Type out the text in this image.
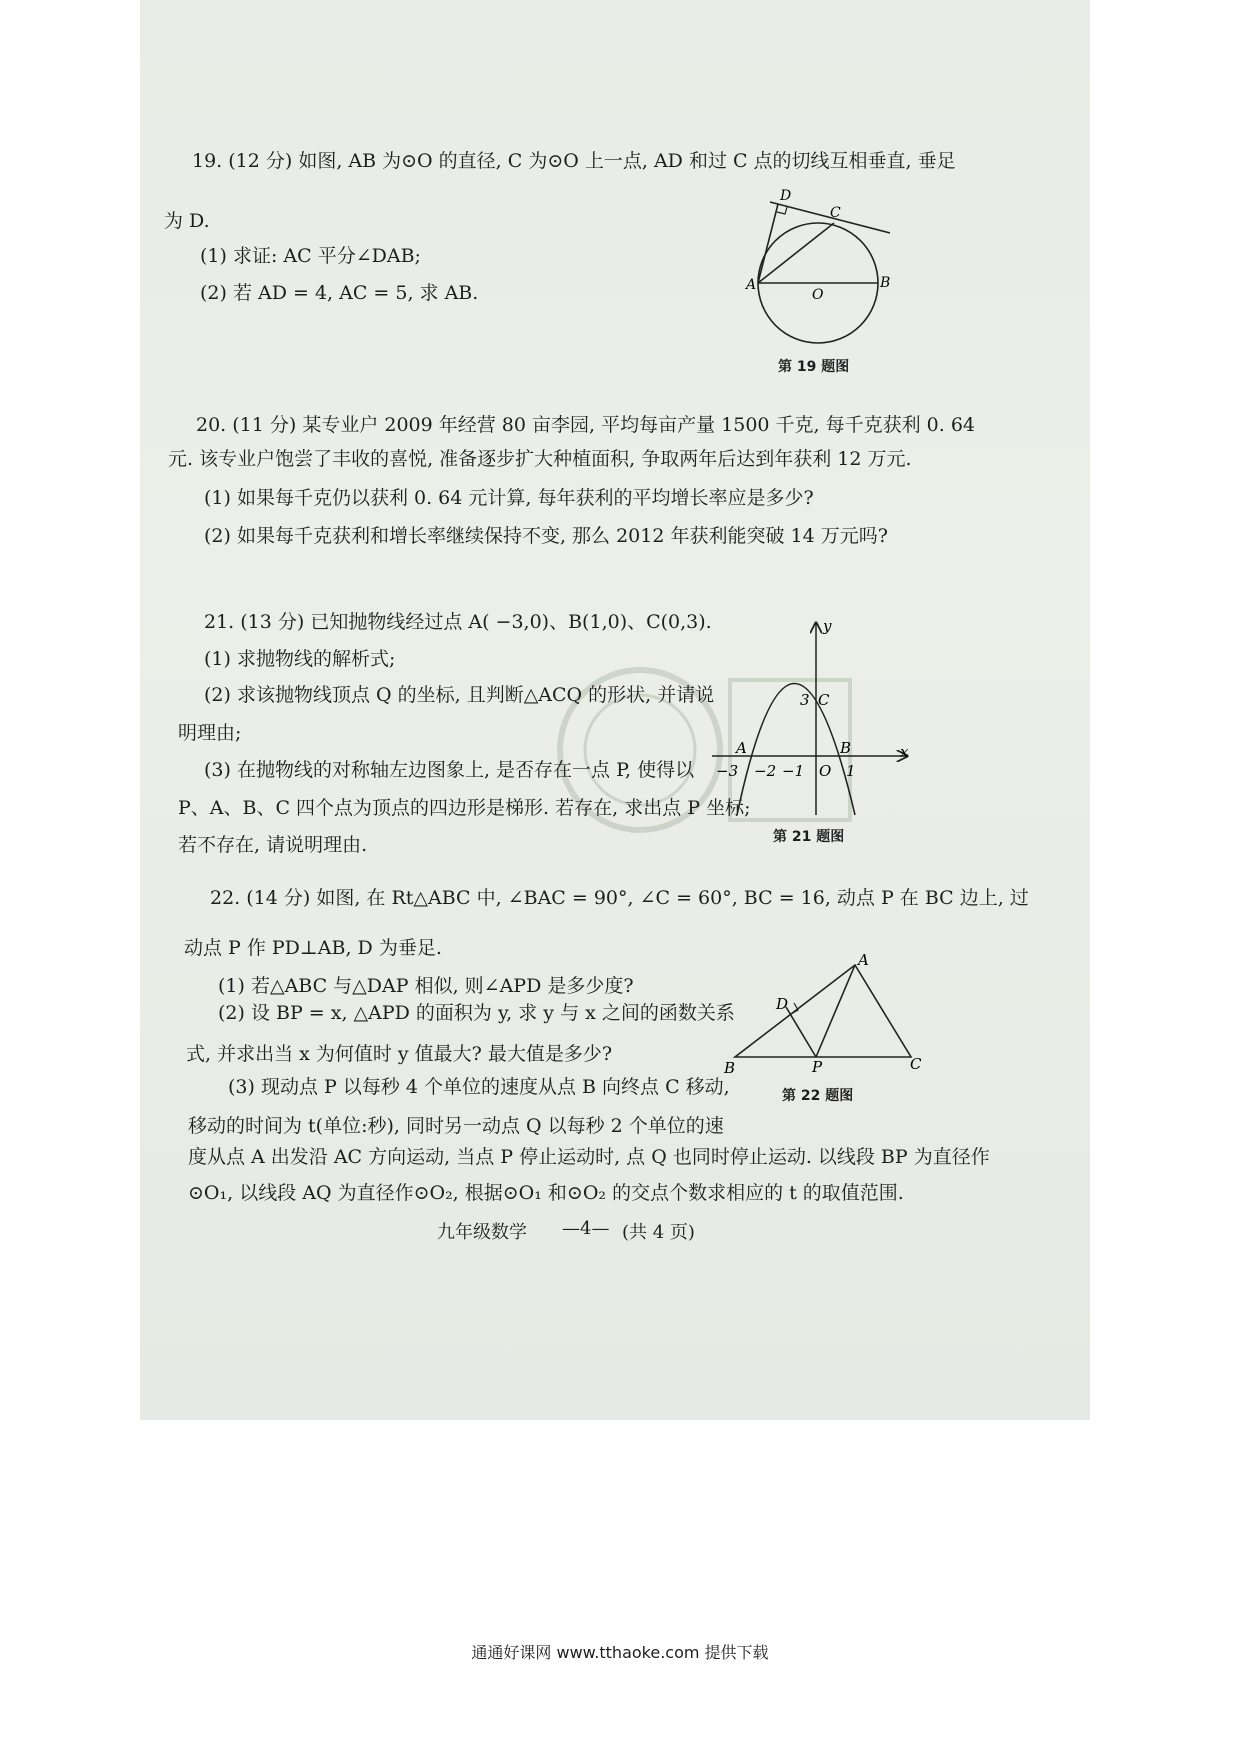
19. (12 分) 如图, AB 为⊙O 的直径, C 为⊙O 上一点, AD 和过 C 点的切线互相垂直, 垂足
为 D.
(1) 求证: AC 平分∠DAB;
(2) 若 AD = 4, AC = 5, 求 AB.
D
C
A
O
B
第 19 题图
20. (11 分) 某专业户 2009 年经营 80 亩李园, 平均每亩产量 1500 千克, 每千克获利 0. 64
元. 该专业户饱尝了丰收的喜悦, 准备逐步扩大种植面积, 争取两年后达到年获利 12 万元.
(1) 如果每千克仍以获利 0. 64 元计算, 每年获利的平均增长率应是多少?
(2) 如果每千克获利和增长率继续保持不变, 那么 2012 年获利能突破 14 万元吗?
21. (13 分) 已知抛物线经过点 A( −3,0)、B(1,0)、C(0,3).
(1) 求抛物线的解析式;
(2) 求该抛物线顶点 Q 的坐标, 且判断△ACQ 的形状, 并请说
明理由;
(3) 在抛物线的对称轴左边图象上, 是否存在一点 P, 使得以
P、A、B、C 四个点为顶点的四边形是梯形. 若存在, 求出点 P 坐标;
若不存在, 请说明理由.
y
x
3 C
A	B
−3 −2 −1 O 1
第 21 题图
22. (14 分) 如图, 在 Rt△ABC 中, ∠BAC = 90°, ∠C = 60°, BC = 16, 动点 P 在 BC 边上, 过
动点 P 作 PD⊥AB, D 为垂足.
(1) 若△ABC 与△DAP 相似, 则∠APD 是多少度?
(2) 设 BP = x, △APD 的面积为 y, 求 y 与 x 之间的函数关系
式, 并求出当 x 为何值时 y 值最大? 最大值是多少?
(3) 现动点 P 以每秒 4 个单位的速度从点 B 向终点 C 移动,
移动的时间为 t(单位:秒), 同时另一动点 Q 以每秒 2 个单位的速
度从点 A 出发沿 AC 方向运动, 当点 P 停止运动时, 点 Q 也同时停止运动. 以线段 BP 为直径作
⊙O₁, 以线段 AQ 为直径作⊙O₂, 根据⊙O₁ 和⊙O₂ 的交点个数求相应的 t 的取值范围.
A
D
B	P	C
第 22 题图
九年级数学 —4— (共 4 页)
通通好课网 www.tthaoke.com 提供下载
